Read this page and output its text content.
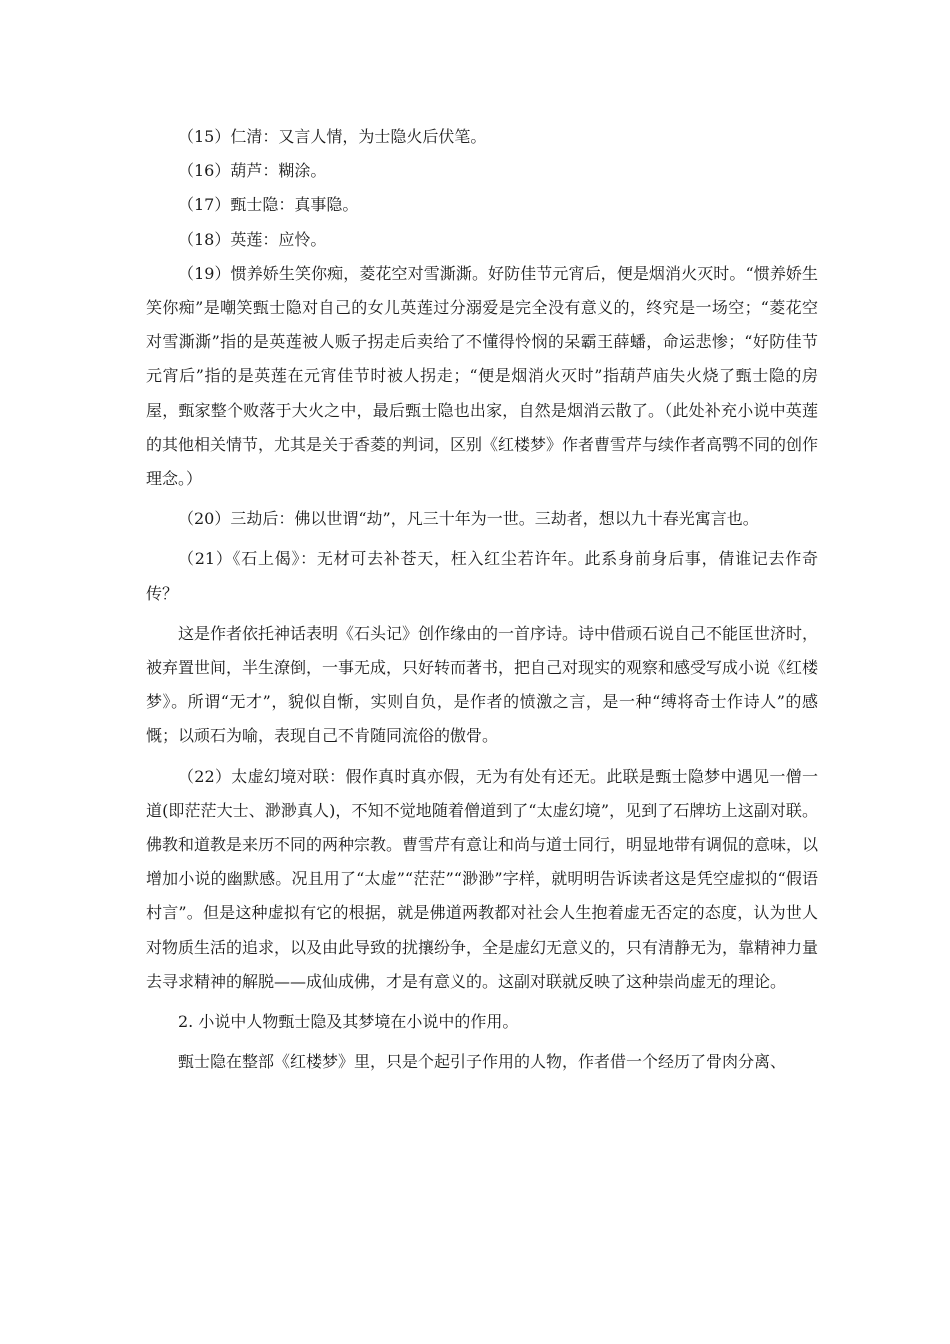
（15）仁清：又言人情，为士隐火后伏笔。

（16）葫芦：糊涂。

（17）甄士隐：真事隐。

（18）英莲：应怜。

（19）惯养娇生笑你痴，菱花空对雪澌澌。好防佳节元宵后，便是烟消火灭时。“惯养娇生笑你痴”是嘲笑甄士隐对自己的女儿英莲过分溺爱是完全没有意义的，终究是一场空；“菱花空对雪澌澌”指的是英莲被人贩子拐走后卖给了不懂得怜悯的呆霸王薛蟠，命运悲惨；“好防佳节元宵后”指的是英莲在元宵佳节时被人拐走；“便是烟消火灭时”指葫芦庙失火烧了甄士隐的房屋，甄家整个败落于大火之中，最后甄士隐也出家，自然是烟消云散了。（此处补充小说中英莲的其他相关情节，尤其是关于香菱的判词，区别《红楼梦》作者曹雪芹与续作者高鹗不同的创作理念。）

（20）三劫后：佛以世谓“劫”，凡三十年为一世。三劫者，想以九十春光寓言也。

（21）《石上偈》：无材可去补苍天，枉入红尘若许年。此系身前身后事，倩谁记去作奇传？

这是作者依托神话表明《石头记》创作缘由的一首序诗。诗中借顽石说自己不能匡世济时，被弃置世间，半生潦倒，一事无成，只好转而著书，把自己对现实的观察和感受写成小说《红楼梦》。所谓“无才”，貌似自惭，实则自负，是作者的愤激之言，是一种“缚将奇士作诗人”的感慨；以顽石为喻，表现自己不肯随同流俗的傲骨。

（22）太虚幻境对联：假作真时真亦假，无为有处有还无。此联是甄士隐梦中遇见一僧一道(即茫茫大士、渺渺真人)，不知不觉地随着僧道到了“太虚幻境”，见到了石牌坊上这副对联。佛教和道教是来历不同的两种宗教。曹雪芹有意让和尚与道士同行，明显地带有调侃的意味，以增加小说的幽默感。况且用了“太虚”“茫茫”“渺渺”字样，就明明告诉读者这是凭空虚拟的“假语村言”。但是这种虚拟有它的根据，就是佛道两教都对社会人生抱着虚无否定的态度，认为世人对物质生活的追求，以及由此导致的扰攘纷争，全是虚幻无意义的，只有清静无为，靠精神力量去寻求精神的解脱——成仙成佛，才是有意义的。这副对联就反映了这种崇尚虚无的理论。

2. 小说中人物甄士隐及其梦境在小说中的作用。

甄士隐在整部《红楼梦》里，只是个起引子作用的人物，作者借一个经历了骨肉分离、
